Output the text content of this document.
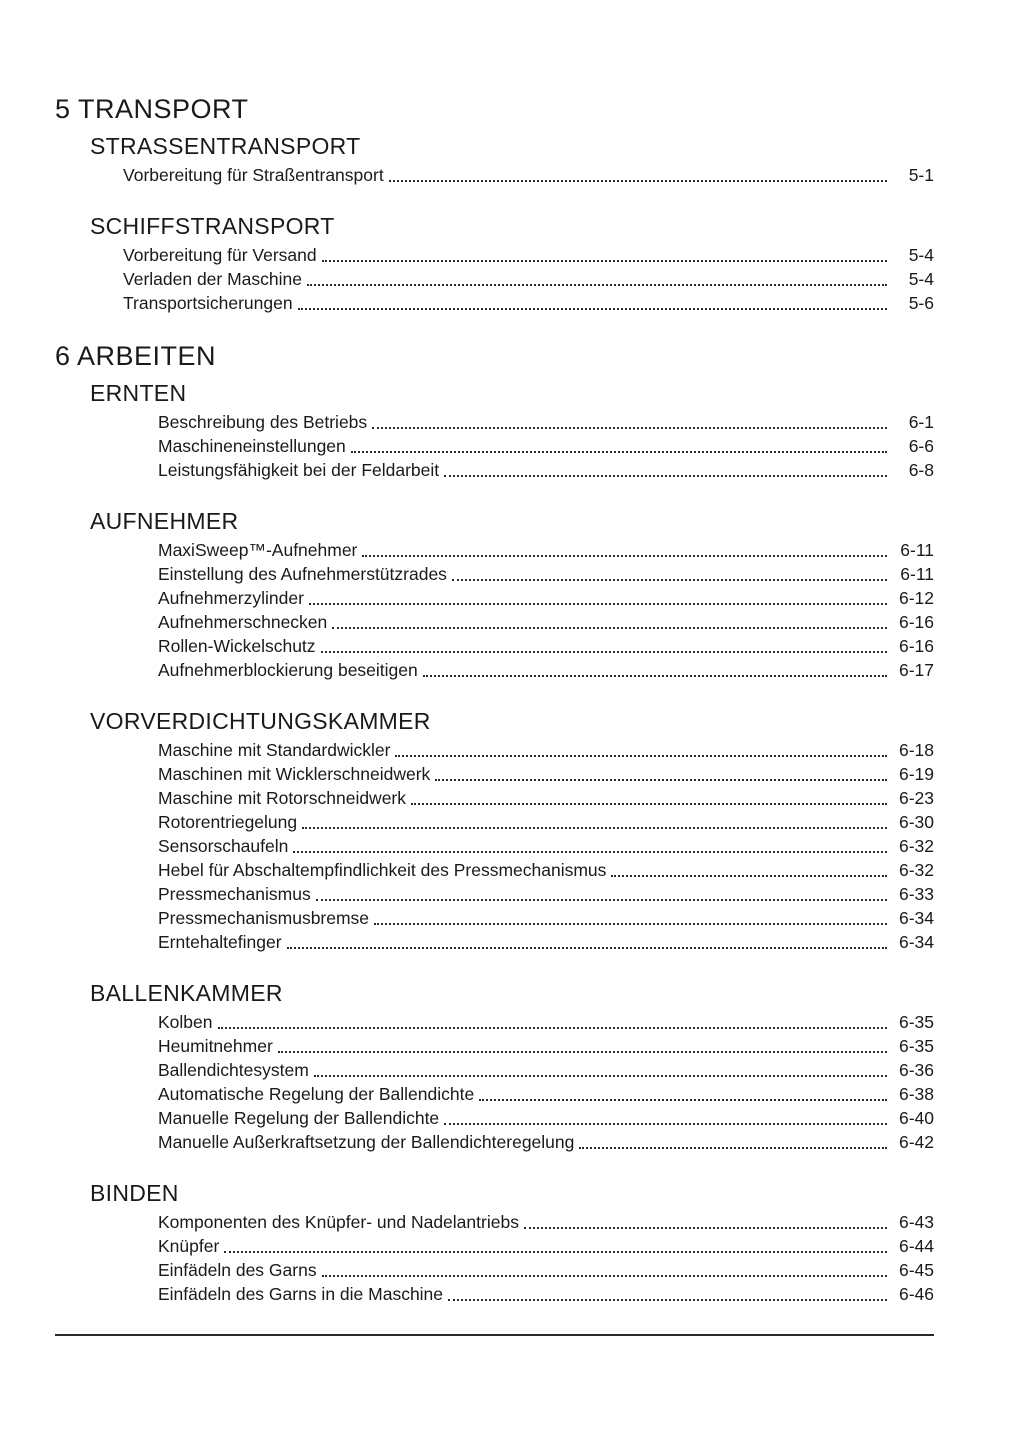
5 TRANSPORT
STRASSENTRANSPORT
Vorbereitung für Straßentransport	5-1
SCHIFFSTRANSPORT
Vorbereitung für Versand	5-4
Verladen der Maschine	5-4
Transportsicherungen	5-6
6 ARBEITEN
ERNTEN
Beschreibung des Betriebs	6-1
Maschineneinstellungen	6-6
Leistungsfähigkeit bei der Feldarbeit	6-8
AUFNEHMER
MaxiSweep™-Aufnehmer	6-11
Einstellung des Aufnehmerstützrades	6-11
Aufnehmerzylinder	6-12
Aufnehmerschnecken	6-16
Rollen-Wickelschutz	6-16
Aufnehmerblockierung beseitigen	6-17
VORVERDICHTUNGSKAMMER
Maschine mit Standardwickler	6-18
Maschinen mit Wicklerschneidwerk	6-19
Maschine mit Rotorschneidwerk	6-23
Rotorentriegelung	6-30
Sensorschaufeln	6-32
Hebel für Abschaltempfindlichkeit des Pressmechanismus	6-32
Pressmechanismus	6-33
Pressmechanismusbremse	6-34
Erntehaltefinger	6-34
BALLENKAMMER
Kolben	6-35
Heumitnehmer	6-35
Ballendichtesystem	6-36
Automatische Regelung der Ballendichte	6-38
Manuelle Regelung der Ballendichte	6-40
Manuelle Außerkraftsetzung der Ballendichteregelung	6-42
BINDEN
Komponenten des Knüpfer- und Nadelantriebs	6-43
Knüpfer	6-44
Einfädeln des Garns	6-45
Einfädeln des Garns in die Maschine	6-46
